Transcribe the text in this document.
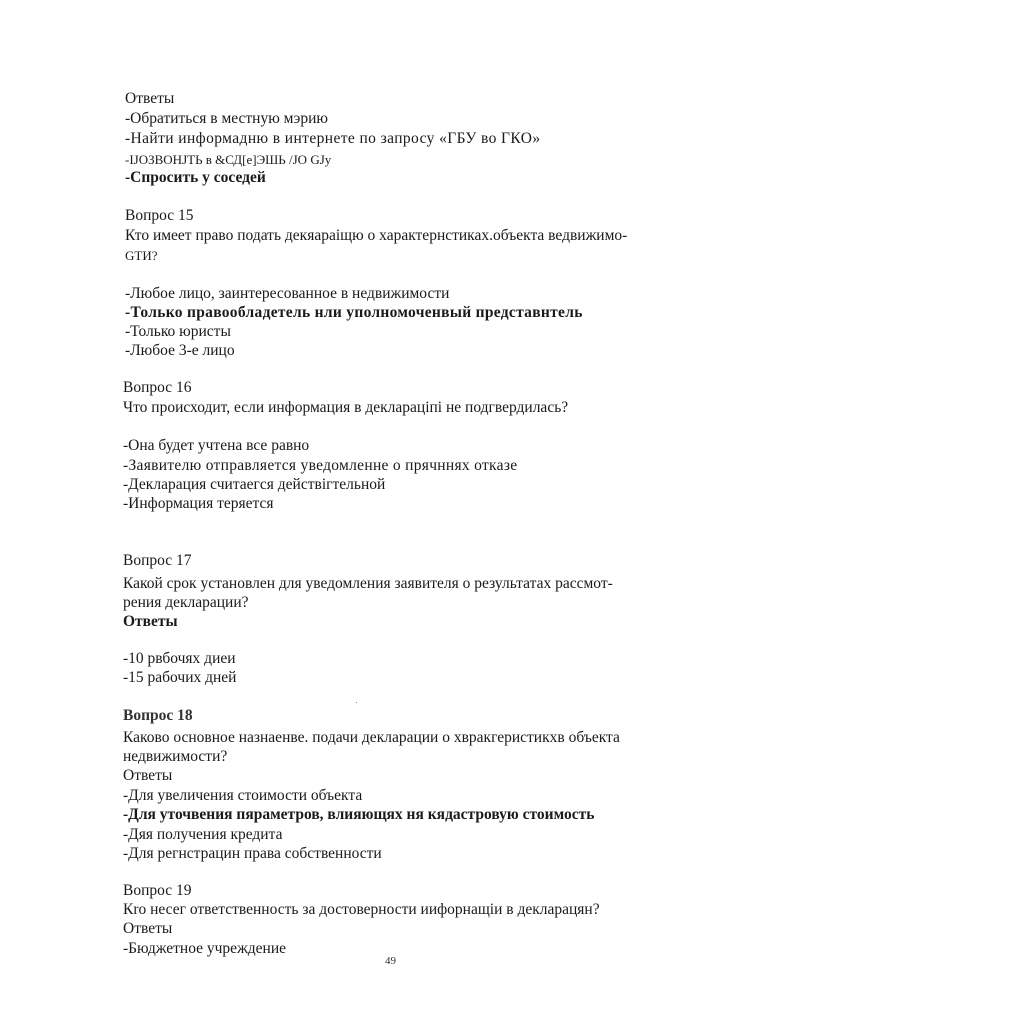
Ответы
-Обратиться в местную мэрию
-Найти информадню в интернете по запросу «ГБУ во ГКО»
-IJОЗВОНJТЬ в &СД[е]ЭШЬ /JО GJy
-Спросить у соседей
Вопрос 15
Кто имеет право подать декяараіщю о характернстиках.объекта ведвижимо-
GТИ?
-Любое лицо, заинтересованное в недвижимости
-Только правообладетель нли уполномоченвый представнтель
-Только юристы
-Любое 3-е лицо
Вопрос 16
Что происходит, если информация в деклараціпі не подгвердилась?
-Она будет учтена все равно
-Заявителю отправляется уведомленне о прячннях отказе
-Декларация считаегся действігтельной
-Информация теряется
Вопрос 17
Какой срок установлен для уведомления заявителя о результатах рассмот-
рения декларации?
Ответы
-10 рвбочях диеи
-15 рабочих дней
Вопрос 18
Каково основное назнаенве. подачи декларации о хвракгеристикхв объекта
недвижимости?
Ответы
-Для увеличения стоимости объекта
-Для уточвения пяраметров, влияющях ня кядастровую стоимость
-Дяя получения кредита
-Для регнстрацин права собственности
Вопрос 19
Кrо несег ответственность за достоверности иифорнащіи в декларацян?
Ответы
-Бюджетное учреждение
49
